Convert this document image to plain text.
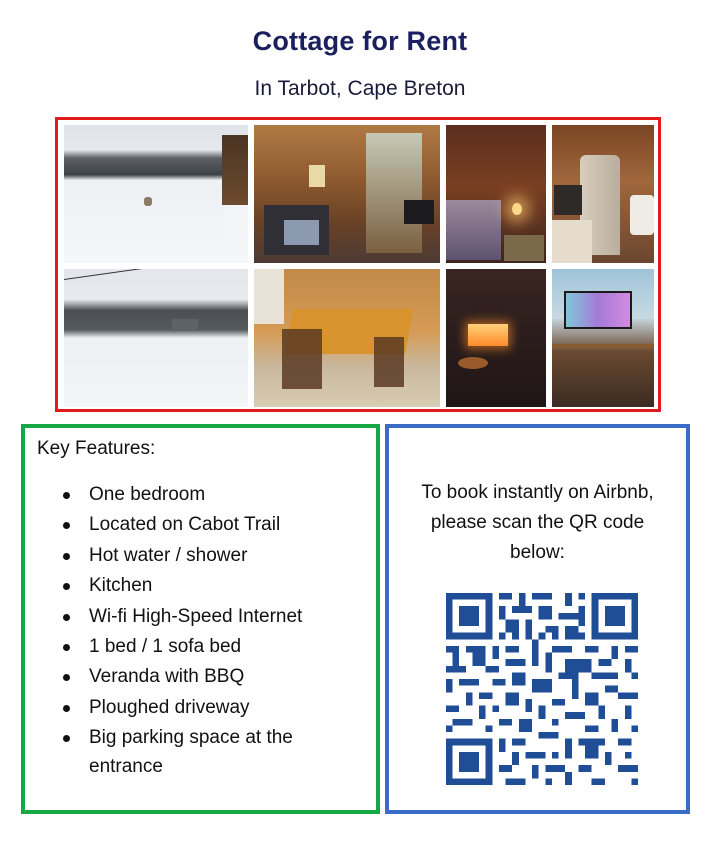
Cottage for Rent
In Tarbot, Cape Breton
Key Features:
One bedroom
Located on Cabot Trail
Hot water / shower
Kitchen
Wi-fi High-Speed Internet
1 bed / 1 sofa bed
Veranda with BBQ
Ploughed driveway
Big parking space at the entrance
To book instantly on Airbnb,
please scan the QR code
below:
